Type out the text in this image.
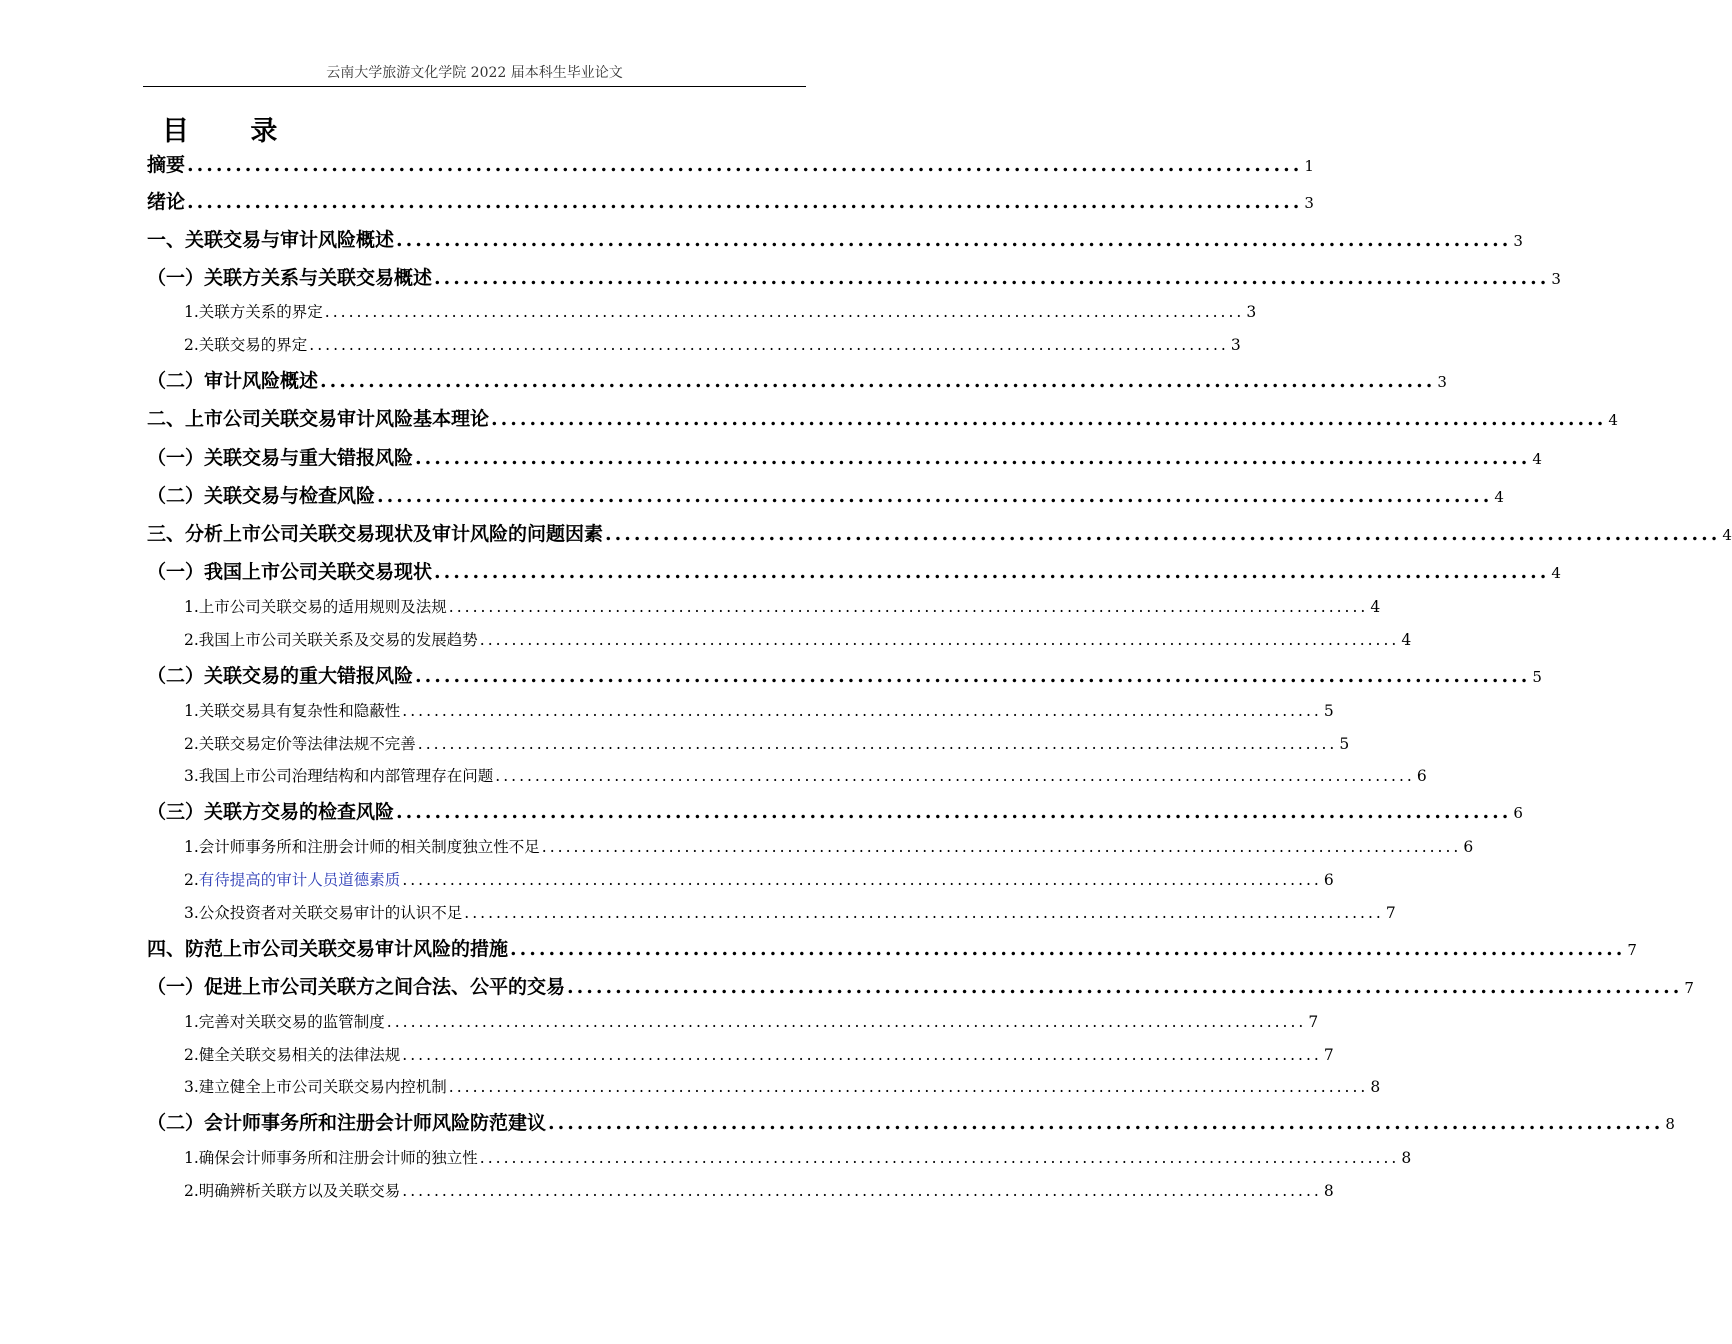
云南大学旅游文化学院 2022 届本科生毕业论文
目 录
摘要 .................................................................................................................... 1
绪论 .................................................................................................................... 3
一、关联交易与审计风险概述 .................................................................................................................... 3
（一）关联方关系与关联交易概述 .................................................................................................................... 3
1.关联方关系的界定 .................................................................................................................... 3
2.关联交易的界定 .................................................................................................................... 3
（二）审计风险概述 .................................................................................................................... 3
二、上市公司关联交易审计风险基本理论 .................................................................................................................... 4
（一）关联交易与重大错报风险 .................................................................................................................... 4
（二）关联交易与检查风险 .................................................................................................................... 4
三、分析上市公司关联交易现状及审计风险的问题因素 .................................................................................................................... 4
（一）我国上市公司关联交易现状 .................................................................................................................... 4
1.上市公司关联交易的适用规则及法规 .................................................................................................................... 4
2.我国上市公司关联关系及交易的发展趋势 .................................................................................................................... 4
（二）关联交易的重大错报风险 .................................................................................................................... 5
1.关联交易具有复杂性和隐蔽性 .................................................................................................................... 5
2.关联交易定价等法律法规不完善 .................................................................................................................... 5
3.我国上市公司治理结构和内部管理存在问题 .................................................................................................................... 6
（三）关联方交易的检查风险 .................................................................................................................... 6
1.会计师事务所和注册会计师的相关制度独立性不足 .................................................................................................................... 6
2.有待提高的审计人员道德素质 .................................................................................................................... 6
3.公众投资者对关联交易审计的认识不足 .................................................................................................................... 7
四、防范上市公司关联交易审计风险的措施 .................................................................................................................... 7
（一）促进上市公司关联方之间合法、公平的交易 .................................................................................................................... 7
1.完善对关联交易的监管制度 .................................................................................................................... 7
2.健全关联交易相关的法律法规 .................................................................................................................... 7
3.建立健全上市公司关联交易内控机制 .................................................................................................................... 8
（二）会计师事务所和注册会计师风险防范建议 .................................................................................................................... 8
1.确保会计师事务所和注册会计师的独立性 .................................................................................................................... 8
2.明确辨析关联方以及关联交易 .................................................................................................................... 8
